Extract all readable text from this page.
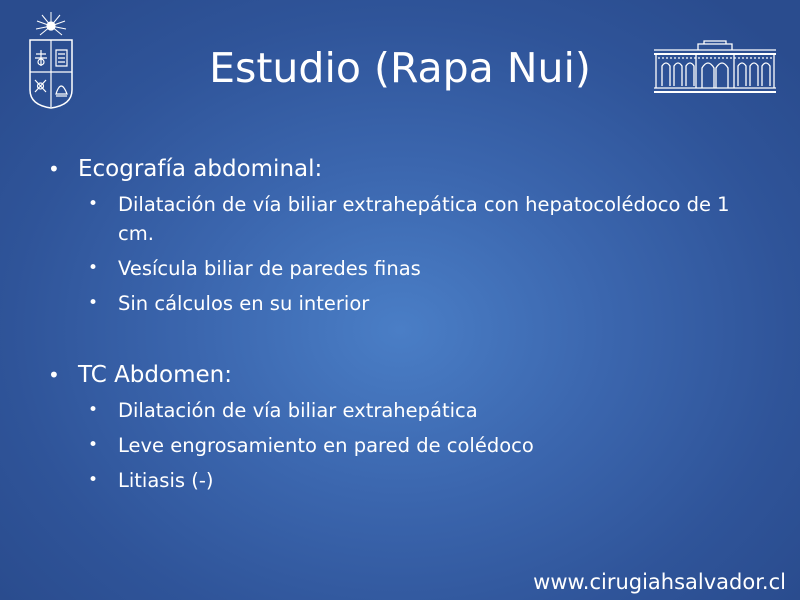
Estudio (Rapa Nui)
• Ecografía abdominal:
• Dilatación de vía biliar extrahepática con hepatocolédoco de 1 cm.
• Vesícula biliar de paredes finas
• Sin cálculos en su interior
• TC Abdomen:
• Dilatación de vía biliar extrahepática
• Leve engrosamiento en pared de colédoco
• Litiasis (-)
www.cirugiahsalvador.cl
